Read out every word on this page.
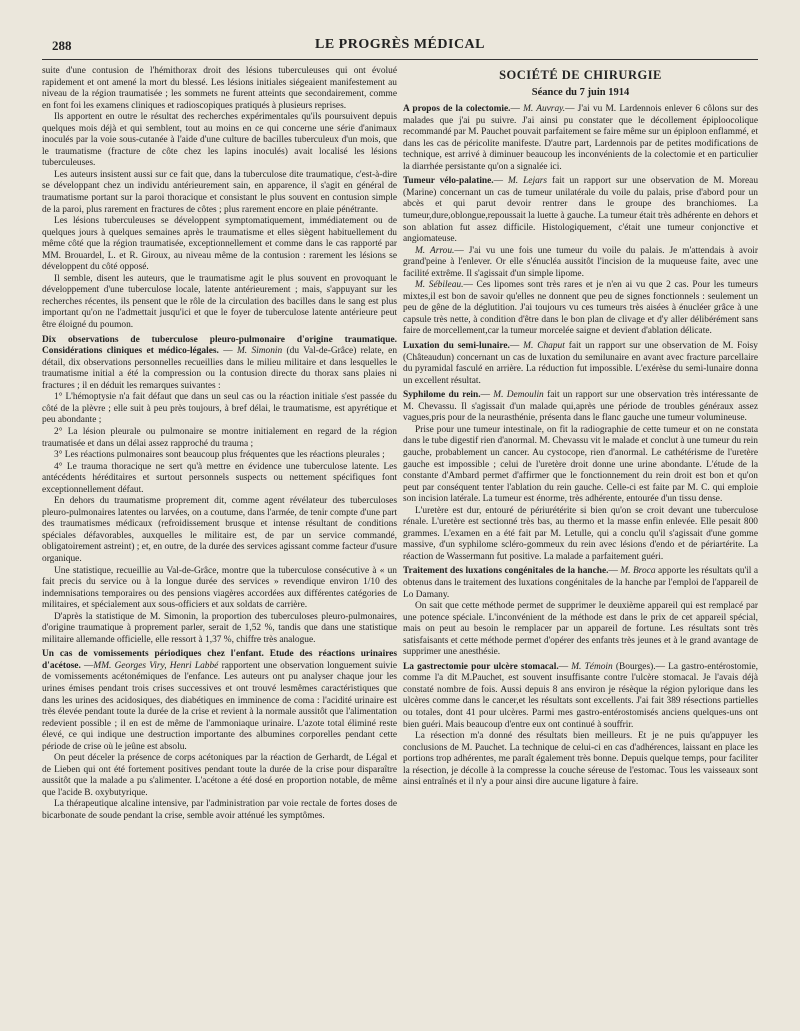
288	LE PROGRÈS MÉDICAL

suite d'une contusion de l'hémithorax droit des lésions tuberculeuses qui ont évolué rapidement et ont amené la mort du blessé. Les lésions initiales siégeaient manifestement au niveau de la région traumatisée ; les sommets ne furent atteints que secondairement, comme en font foi les examens cliniques et radioscopiques pratiqués à plusieurs reprises.

Ils apportent en outre le résultat des recherches expérimentales qu'ils poursuivent depuis quelques mois déjà et qui semblent, tout au moins en ce qui concerne une série d'animaux inoculés par la voie sous-cutanée à l'aide d'une culture de bacilles tuberculeux d'un mois, que le traumatisme (fracture de côte chez les lapins inoculés) avait localisé les lésions tuberculeuses.

Les auteurs insistent aussi sur ce fait que, dans la tuberculose dite traumatique, c'est-à-dire se développant chez un individu antérieurement sain, en apparence, il s'agit en général de traumatisme portant sur la paroi thoracique et consistant le plus souvent en contusion simple de la paroi, plus rarement en fractures de côtes ; plus rarement encore en plaie pénétrante.

Les lésions tuberculeuses se développent symptomatiquement, immédiatement ou de quelques jours à quelques semaines après le traumatisme et elles siègent habituellement du même côté que la région traumatisée, exceptionnellement et comme dans le cas rapporté par MM. Brouardel, L. et R. Giroux, au niveau même de la contusion : rarement les lésions se développent du côté opposé.

Il semble, disent les auteurs, que le traumatisme agit le plus souvent en provoquant le développement d'une tuberculose locale, latente antérieurement ; mais, s'appuyant sur les recherches récentes, ils pensent que le rôle de la circulation des bacilles dans le sang est plus important qu'on ne l'admettait jusqu'ici et que le foyer de tuberculose latente antérieure peut être éloigné du poumon.

Dix observations de tuberculose pleuro-pulmonaire d'origine traumatique. Considérations cliniques et médico-légales. — M. Simonin (du Val-de-Grâce) relate, en détail, dix observations personnelles recueillies dans le milieu militaire et dans lesquelles le traumatisme initial a été la compression ou la contusion directe du thorax sans plaies ni fractures ; il en déduit les remarques suivantes :

1° L'hémoptysie n'a fait défaut que dans un seul cas ou la réaction initiale s'est passée du côté de la plèvre ; elle suit à peu près toujours, à bref délai, le traumatisme, est apyrétique et peu abondante ;

2° La lésion pleurale ou pulmonaire se montre initialement en regard de la région traumatisée et dans un délai assez rapproché du trauma ;

3° Les réactions pulmonaires sont beaucoup plus fréquentes que les réactions pleurales ;

4° Le trauma thoracique ne sert qu'à mettre en évidence une tuberculose latente. Les antécédents héréditaires et surtout personnels suspects ou nettement spécifiques font exceptionnellement défaut.

En dehors du traumatisme proprement dit, comme agent révélateur des tuberculoses pleuro-pulmonaires latentes ou larvées, on a coutume, dans l'armée, de tenir compte d'une part des traumatismes médicaux (refroidissement brusque et intense résultant de conditions spéciales défavorables, auxquelles le militaire est, de par un service commandé, obligatoirement astreint) ; et, en outre, de la durée des services agissant comme facteur d'usure organique.

Une statistique, recueillie au Val-de-Grâce, montre que la tuberculose consécutive à « un fait precis du service ou à la longue durée des services » revendique environ 1/10 des indemnisations temporaires ou des pensions viagères accordées aux différentes catégories de militaires, et spécialement aux sous-officiers et aux soldats de carrière.

D'après la statistique de M. Simonin, la proportion des tuberculoses pleuro-pulmonaires, d'origine traumatique à proprement parler, serait de 1,52 %, tandis que dans une statistique militaire allemande officielle, elle ressort à 1,37 %, chiffre très analogue.

Un cas de vomissements périodiques chez l'enfant. Etude des réactions urinaires d'acétose. —MM. Georges Viry, Henri Labbé rapportent une observation longuement suivie de vomissements acétonémiques de l'enfance. Les auteurs ont pu analyser chaque jour les urines émises pendant trois crises successives et ont trouvé lesmêmes caractéristiques que dans les urines des acidosiques, des diabétiques en imminence de coma : l'acidité urinaire est très élevée pendant toute la durée de la crise et revient à la normale aussitôt que l'alimentation redevient possible ; il en est de même de l'ammoniaque urinaire. L'azote total éliminé reste élevé, ce qui indique une destruction importante des albumines corporelles pendant cette période de crise où le jeûne est absolu.

On peut déceler la présence de corps acétoniques par la réaction de Gerhardt, de Légal et de Lieben qui ont été fortement positives pendant toute la durée de la crise pour disparaître aussitôt que la malade a pu s'alimenter. L'acétone a été dosé en proportion notable, de même que l'acide B. oxybutyrique.

La thérapeutique alcaline intensive, par l'administration par voie rectale de fortes doses de bicarbonate de soude pendant la crise, semble avoir atténué les symptômes.

SOCIÉTÉ DE CHIRURGIE
Séance du 7 juin 1914

A propos de la colectomie.— M. Auvray.— J'ai vu M. Lardennois enlever 6 côlons sur des malades que j'ai pu suivre. J'ai ainsi pu constater que le décollement épiploocolique recommandé par M. Pauchet pouvait parfaitement se faire même sur un épiploon enflammé, et dans les cas de péricolite manifeste. D'autre part, Lardennois par de petites modifications de technique, est arrivé à diminuer beaucoup les inconvénients de la colectomie et en particulier la diarrhée persistante qu'on a signalée ici.

Tumeur vélo-palatine.— M. Lejars fait un rapport sur une observation de M. Moreau (Marine) concernant un cas de tumeur unilatérale du voile du palais, prise d'abord pour un abcès et qui parut devoir rentrer dans le groupe des branchiomes. La tumeur,dure,oblongue,repoussait la luette à gauche. La tumeur était très adhérente en dehors et son ablation fut assez difficile. Histologiquement, c'était une tumeur conjonctive et angiomateuse.

M. Arrou.— J'ai vu une fois une tumeur du voile du palais. Je m'attendais à avoir grand'peine à l'enlever. Or elle s'énucléa aussitôt l'incision de la muqueuse faite, avec une facilité extrême. Il s'agissait d'un simple lipome.

M. Sébileau.— Ces lipomes sont très rares et je n'en ai vu que 2 cas. Pour les tumeurs mixtes,il est bon de savoir qu'elles ne donnent que peu de signes fonctionnels : seulement un peu de gêne de la déglutition. J'ai toujours vu ces tumeurs très aisées à énucléer grâce à une capsule très nette, à condition d'être dans le bon plan de clivage et d'y aller délibérément sans faire de morcellement,car la tumeur morcelée saigne et devient d'ablation délicate.

Luxation du semi-lunaire.— M. Chaput fait un rapport sur une observation de M. Foisy (Châteaudun) concernant un cas de luxation du semilunaire en avant avec fracture parcellaire du pyramidal fasculé en arrière. La réduction fut impossible. L'exérèse du semi-lunaire donna un excellent résultat.

Syphilome du rein.— M. Demoulin fait un rapport sur une observation très intéressante de M. Chevassu. Il s'agissait d'un malade qui,après une période de troubles généraux assez vagues,pris pour de la neurasthénie, présenta dans le flanc gauche une tumeur volumineuse.

Prise pour une tumeur intestinale, on fit la radiographie de cette tumeur et on ne constata dans le tube digestif rien d'anormal. M. Chevassu vit le malade et conclut à une tumeur du rein gauche, probablement un cancer. Au cystocope, rien d'anormal. Le cathétérisme de l'uretère gauche est impossible ; celui de l'uretère droit donne une urine abondante. L'étude de la constante d'Ambard permet d'affirmer que le fonctionnement du rein droit est bon et qu'on peut par conséquent tenter l'ablation du rein gauche. Celle-ci est faite par M. C. qui emploie son incision latérale. La tumeur est énorme, très adhérente, entourée d'un tissu dense.

L'uretère est dur, entouré de périurétérite si bien qu'on se croit devant une tuberculose rénale. L'uretère est sectionné très bas, au thermo et la masse enfin enlevée. Elle pesait 800 grammes. L'examen en a été fait par M. Letulle, qui a conclu qu'il s'agissait d'une gomme massive, d'un syphilome scléro-gommeux du rein avec lésions d'endo et de périartérite. La réaction de Wassermann fut positive. La malade a parfaitement guéri.

Traitement des luxations congénitales de la hanche.— M. Broca apporte les résultats qu'il a obtenus dans le traitement des luxations congénitales de la hanche par l'emploi de l'appareil de Lo Damany.

On sait que cette méthode permet de supprimer le deuxième appareil qui est remplacé par une potence spéciale. L'inconvénient de la méthode est dans le prix de cet appareil spécial, mais on peut au besoin le remplacer par un appareil de fortune. Les résultats sont très satisfaisants et cette méthode permet d'opérer des enfants très jeunes et à le grand avantage de supprimer une anesthésie.

La gastrectomie pour ulcère stomacal.— M. Témoin (Bourges).— La gastro-entérostomie, comme l'a dit M.Pauchet, est souvent insuffisante contre l'ulcère stomacal. Je l'avais déjà constaté nombre de fois. Aussi depuis 8 ans environ je résèque la région pylorique dans les ulcères comme dans le cancer,et les résultats sont excellents. J'ai fait 389 résections partielles ou totales, dont 41 pour ulcères. Parmi mes gastro-entérostomisés anciens quelques-uns ont bien guéri. Mais beaucoup d'entre eux ont continué à souffrir.

La résection m'a donné des résultats bien meilleurs. Et je ne puis qu'appuyer les conclusions de M. Pauchet. La technique de celui-ci en cas d'adhérences, laissant en place les portions trop adhérentes, me paraît également très bonne. Depuis quelque temps, pour faciliter la résection, je décolle à la compresse la couche séreuse de l'estomac. Tous les vaisseaux sont ainsi entraînés et il n'y a pour ainsi dire aucune ligature à faire.
